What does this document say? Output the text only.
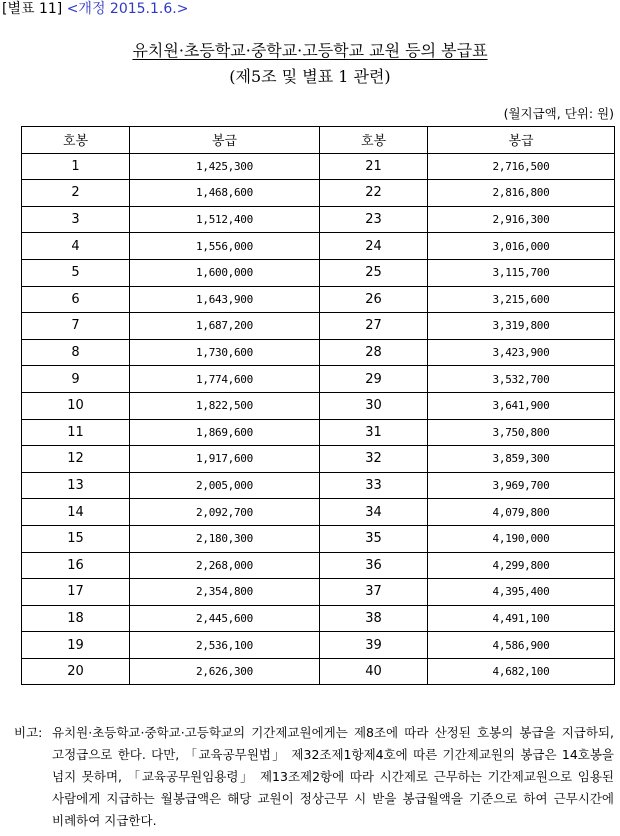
[별표 11] <개정 2015.1.6.>
유치원·초등학교·중학교·고등학교 교원 등의 봉급표
(제5조 및 별표 1 관련)
(월지급액, 단위: 원)
호봉	봉급	호봉	봉급
1	1,425,300	21	2,716,500
2	1,468,600	22	2,816,800
3	1,512,400	23	2,916,300
4	1,556,000	24	3,016,000
5	1,600,000	25	3,115,700
6	1,643,900	26	3,215,600
7	1,687,200	27	3,319,800
8	1,730,600	28	3,423,900
9	1,774,600	29	3,532,700
10	1,822,500	30	3,641,900
11	1,869,600	31	3,750,800
12	1,917,600	32	3,859,300
13	2,005,000	33	3,969,700
14	2,092,700	34	4,079,800
15	2,180,300	35	4,190,000
16	2,268,000	36	4,299,800
17	2,354,800	37	4,395,400
18	2,445,600	38	4,491,100
19	2,536,100	39	4,586,900
20	2,626,300	40	4,682,100
비고: 유치원·초등학교·중학교·고등학교의 기간제교원에게는 제8조에 따라 산정된 호봉의 봉급을 지급하되, 고정급으로 한다. 다만, 「교육공무원법」 제32조제1항제4호에 따른 기간제교원의 봉급은 14호봉을 넘지 못하며, 「교육공무원임용령」 제13조제2항에 따라 시간제로 근무하는 기간제교원으로 임용된 사람에게 지급하는 월봉급액은 해당 교원이 정상근무 시 받을 봉급월액을 기준으로 하여 근무시간에 비례하여 지급한다.
